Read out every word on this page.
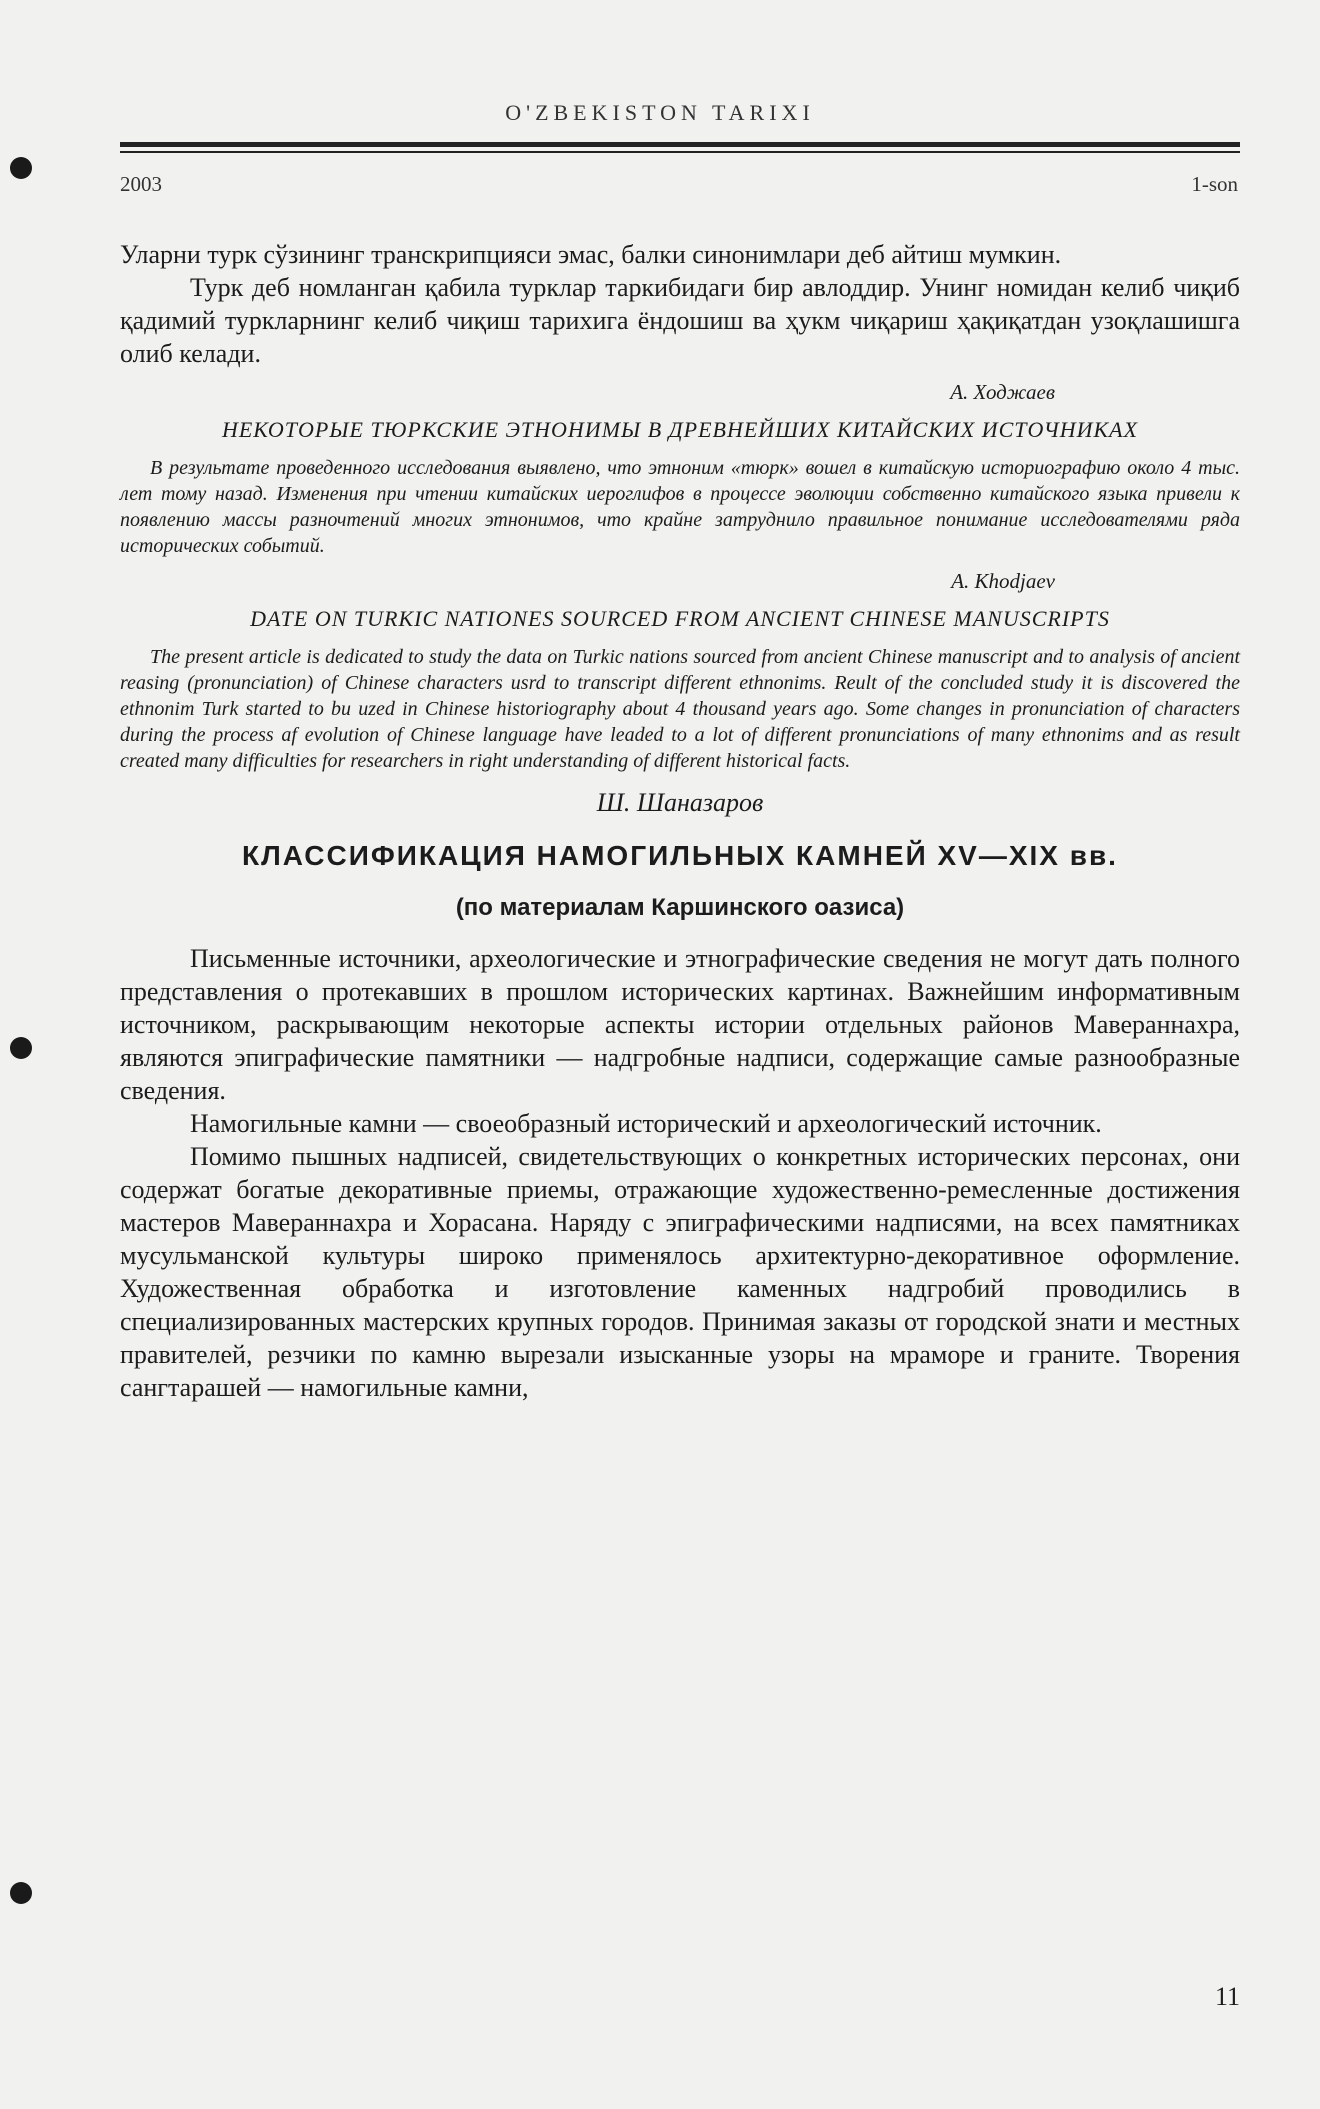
O'ZBEKISTON TARIXI
2003	1-son

Уларни турк сўзининг транскрипцияси эмас, балки синонимлари деб айтиш мумкин.

Турк деб номланган қабила турклар таркибидаги бир авлоддир. Унинг номидан келиб чиқиб қадимий туркларнинг келиб чиқиш тарихига ёндошиш ва ҳукм чиқариш ҳақиқатдан узоқлашишга олиб келади.

А. Ходжаев
НЕКОТОРЫЕ ТЮРКСКИЕ ЭТНОНИМЫ В ДРЕВНЕЙШИХ КИТАЙСКИХ ИСТОЧНИКАХ
В результате проведенного исследования выявлено, что этноним «тюрк» вошел в китайскую историографию около 4 тыс. лет тому назад. Изменения при чтении китайских иероглифов в процессе эволюции собственно китайского языка привели к появлению массы разночтений многих этнонимов, что крайне затруднило правильное понимание исследователями ряда исторических событий.
A. Khodjaev
DATE ON TURKIC NATIONES SOURCED FROM ANCIENT CHINESE MANUSCRIPTS
The present article is dedicated to study the data on Turkic nations sourced from ancient Chinese manuscript and to analysis of ancient reasing (pronunciation) of Chinese characters usrd to transcript different ethnonims. Reult of the concluded study it is discovered the ethnonim Turk started to bu uzed in Chinese historiography about 4 thousand years ago. Some changes in pronunciation of characters during the process af evolution of Chinese language have leaded to a lot of different pronunciations of many ethnonims and as result created many difficulties for researchers in right understanding of different historical facts.
Ш. Шаназаров
КЛАССИФИКАЦИЯ НАМОГИЛЬНЫХ КАМНЕЙ XV—XIX вв.
(по материалам Каршинского оазиса)

Письменные источники, археологические и этнографические сведения не могут дать полного представления о протекавших в прошлом исторических картинах. Важнейшим информативным источником, раскрывающим некоторые аспекты истории отдельных районов Мавераннахра, являются эпиграфические памятники — надгробные надписи, содержащие самые разнообразные сведения.

Намогильные камни — своеобразный исторический и археологический источник.

Помимо пышных надписей, свидетельствующих о конкретных исторических персонах, они содержат богатые декоративные приемы, отражающие художественно-ремесленные достижения мастеров Мавераннахра и Хорасана. Наряду с эпиграфическими надписями, на всех памятниках мусульманской культуры широко применялось архитектурно-декоративное оформление. Художественная обработка и изготовление каменных надгробий проводились в специализированных мастерских крупных городов. Принимая заказы от городской знати и местных правителей, резчики по камню вырезали изысканные узоры на мраморе и граните. Творения сангтарашей — намогильные камни,

11
